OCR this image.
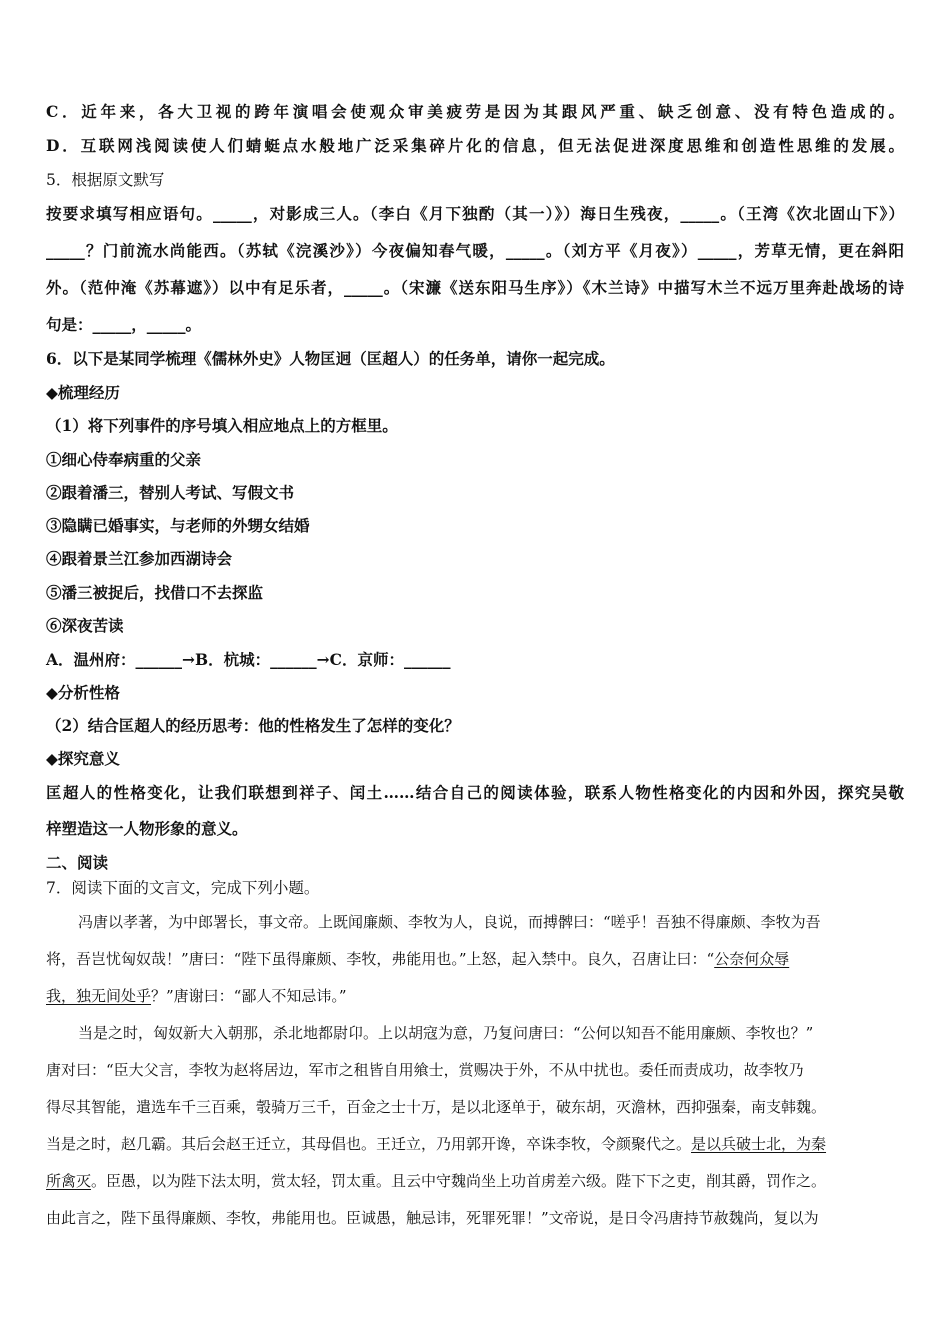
C．近年来，各大卫视的跨年演唱会使观众审美疲劳是因为其跟风严重、缺乏创意、没有特色造成的。
D．互联网浅阅读使人们蜻蜓点水般地广泛采集碎片化的信息，但无法促进深度思维和创造性思维的发展。
5．根据原文默写
按要求填写相应语句。_____，对影成三人。（李白《月下独酌（其一）》）海日生残夜，_____。（王湾《次北固山下》）
_____？门前流水尚能西。（苏轼《浣溪沙》）今夜偏知春气暖，_____。（刘方平《月夜》）_____，芳草无情，更在斜阳
外。（范仲淹《苏幕遮》）以中有足乐者，_____。（宋濂《送东阳马生序》）《木兰诗》中描写木兰不远万里奔赴战场的诗
句是：_____，_____。
6．以下是某同学梳理《儒林外史》人物匡迥（匡超人）的任务单，请你一起完成。
◆梳理经历
（1）将下列事件的序号填入相应地点上的方框里。
①细心侍奉病重的父亲
②跟着潘三，替别人考试、写假文书
③隐瞒已婚事实，与老师的外甥女结婚
④跟着景兰江参加西湖诗会
⑤潘三被捉后，找借口不去探监
⑥深夜苦读
A．温州府：______→B．杭城：______→C．京师：______
◆分析性格
（2）结合匡超人的经历思考：他的性格发生了怎样的变化？
◆探究意义
匡超人的性格变化，让我们联想到祥子、闰土……结合自己的阅读体验，联系人物性格变化的内因和外因，探究吴敬
梓塑造这一人物形象的意义。
二、阅读
7．阅读下面的文言文，完成下列小题。
冯唐以孝著，为中郎署长，事文帝。上既闻廉颇、李牧为人，良说，而搏髀曰：“嗟乎！吾独不得廉颇、李牧为吾
将，吾岂忧匈奴哉！”唐曰：“陛下虽得廉颇、李牧，弗能用也。”上怒，起入禁中。良久，召唐让曰：“公奈何众辱
我，独无间处乎？”唐谢曰：“鄙人不知忌讳。”
当是之时，匈奴新大入朝那，杀北地都尉卬。上以胡寇为意，乃复问唐曰：“公何以知吾不能用廉颇、李牧也？”
唐对曰：“臣大父言，李牧为赵将居边，军市之租皆自用飨士，赏赐决于外，不从中扰也。委任而责成功，故李牧乃
得尽其智能，遣选车千三百乘，彀骑万三千，百金之士十万，是以北逐单于，破东胡，灭澹林，西抑强秦，南支韩魏。
当是之时，赵几霸。其后会赵王迁立，其母倡也。王迁立，乃用郭开谗，卒诛李牧，令颜聚代之。是以兵破士北，为秦
所禽灭。臣愚，以为陛下法太明，赏太轻，罚太重。且云中守魏尚坐上功首虏差六级。陛下下之吏，削其爵，罚作之。
由此言之，陛下虽得廉颇、李牧，弗能用也。臣诚愚，触忌讳，死罪死罪！”文帝说，是日令冯唐持节赦魏尚，复以为
